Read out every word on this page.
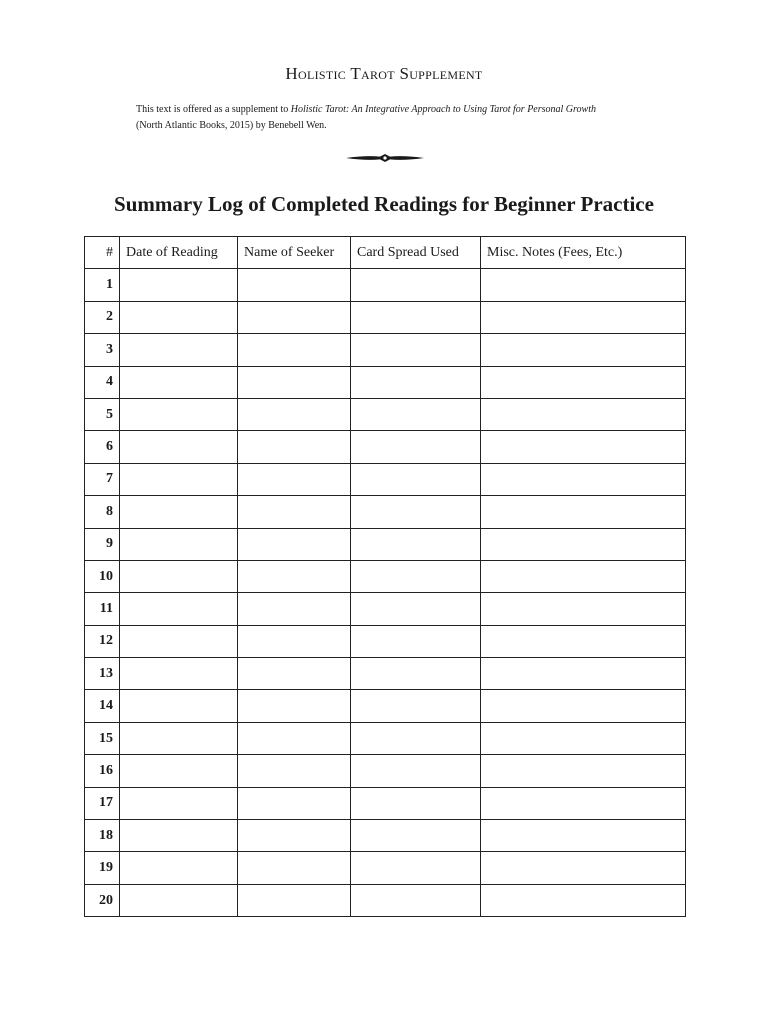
Holistic Tarot Supplement
This text is offered as a supplement to Holistic Tarot: An Integrative Approach to Using Tarot for Personal Growth
(North Atlantic Books, 2015) by Benebell Wen.
Summary Log of Completed Readings for Beginner Practice
#	Date of Reading	Name of Seeker	Card Spread Used	Misc. Notes (Fees, Etc.)
1				
2				
3				
4				
5				
6				
7				
8				
9				
10				
11				
12				
13				
14				
15				
16				
17				
18				
19				
20				
